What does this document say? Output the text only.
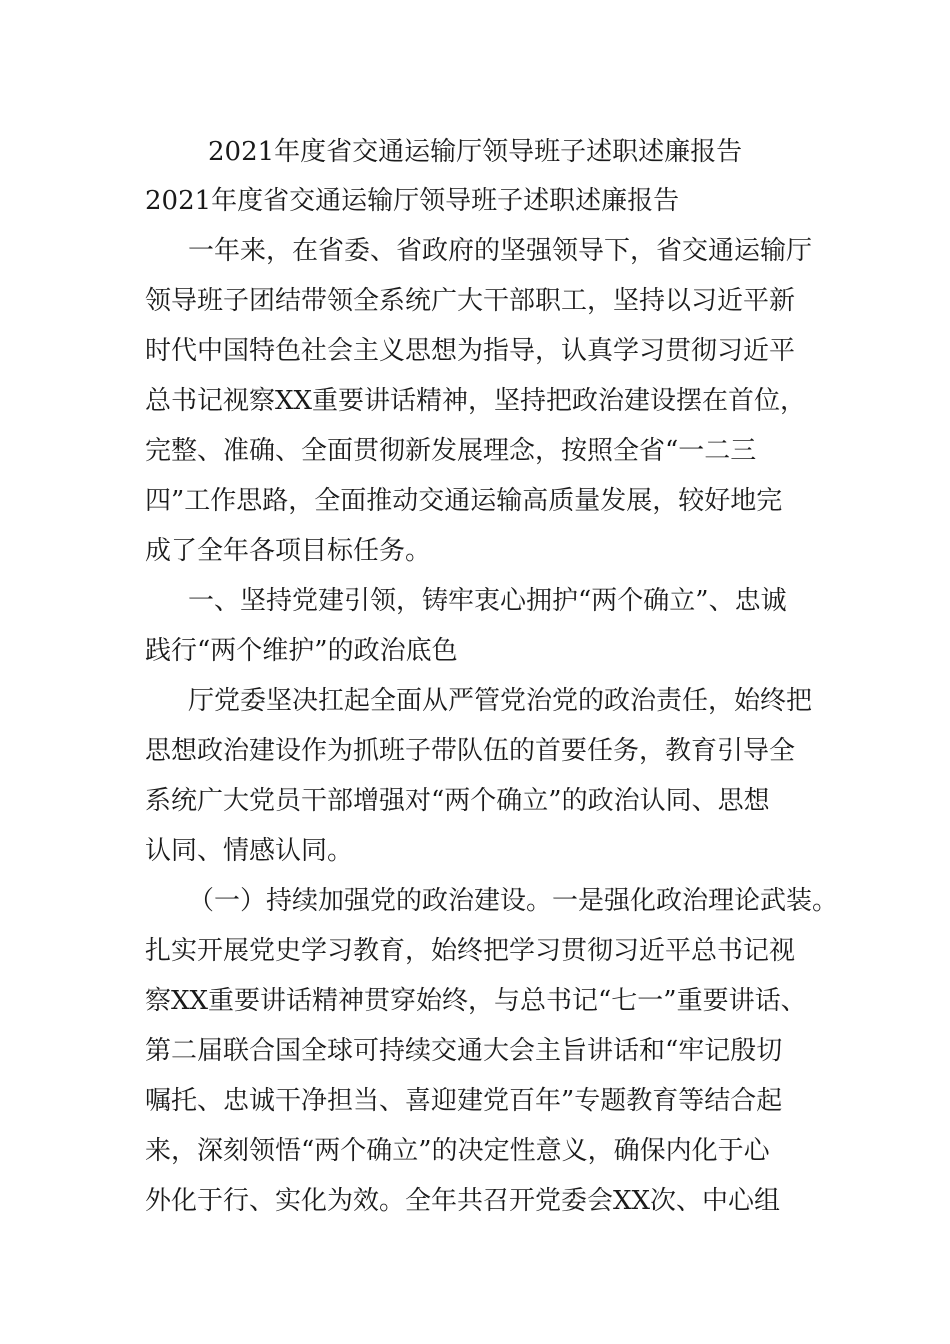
2021年度省交通运输厅领导班子述职述廉报告
2021年度省交通运输厅领导班子述职述廉报告
一年来，在省委、省政府的坚强领导下，省交通运输厅
领导班子团结带领全系统广大干部职工，坚持以习近平新
时代中国特色社会主义思想为指导，认真学习贯彻习近平
总书记视察XX重要讲话精神，坚持把政治建设摆在首位，
完整、准确、全面贯彻新发展理念，按照全省“一二三
四”工作思路，全面推动交通运输高质量发展，较好地完
成了全年各项目标任务。
一、坚持党建引领，铸牢衷心拥护“两个确立”、忠诚
践行“两个维护”的政治底色
厅党委坚决扛起全面从严管党治党的政治责任，始终把
思想政治建设作为抓班子带队伍的首要任务，教育引导全
系统广大党员干部增强对“两个确立”的政治认同、思想
认同、情感认同。
（一）持续加强党的政治建设。一是强化政治理论武装。
扎实开展党史学习教育，始终把学习贯彻习近平总书记视
察XX重要讲话精神贯穿始终，与总书记“七一”重要讲话、
第二届联合国全球可持续交通大会主旨讲话和“牢记殷切
嘱托、忠诚干净担当、喜迎建党百年”专题教育等结合起
来，深刻领悟“两个确立”的决定性意义，确保内化于心
外化于行、实化为效。全年共召开党委会XX次、中心组
